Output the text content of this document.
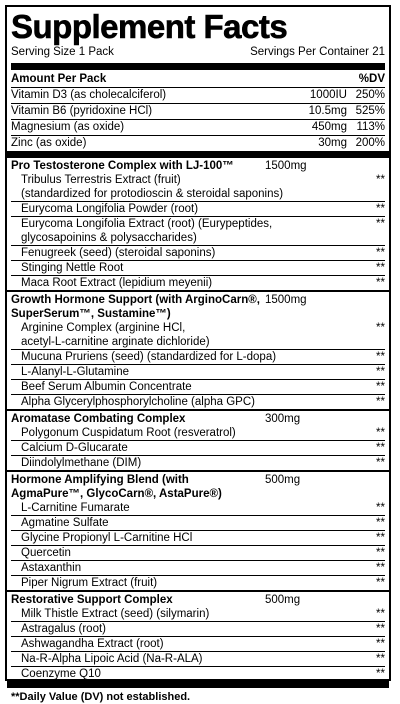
Supplement Facts
Serving Size 1 Pack	Servings Per Container 21
Amount Per Pack	%DV
Vitamin D3 (as cholecalciferol)	1000IU 250%
Vitamin B6 (pyridoxine HCl)	10.5mg 525%
Magnesium (as oxide)	450mg 113%
Zinc (as oxide)	30mg 200%
Pro Testosterone Complex with LJ-100™	1500mg
Tribulus Terrestris Extract (fruit)
(standardized for protodioscin & steroidal saponins)
**
Eurycoma Longifolia Powder (root)	**
Eurycoma Longifolia Extract (root) (Eurypeptides,
glycosapoinins & polysaccharides)
**
Fenugreek (seed) (steroidal saponins)	**
Stinging Nettle Root	**
Maca Root Extract (lepidium meyenii)	**
Growth Hormone Support (with ArginoCarn®,
SuperSerum™, Sustamine™)
1500mg
Arginine Complex (arginine HCl,
acetyl-L-carnitine arginate dichloride)
**
Mucuna Pruriens (seed) (standardized for L-dopa)	**
L-Alanyl-L-Glutamine	**
Beef Serum Albumin Concentrate	**
Alpha Glycerylphosphorylcholine (alpha GPC)	**
Aromatase Combating Complex	300mg
Polygonum Cuspidatum Root (resveratrol)	**
Calcium D-Glucarate	**
Diindolylmethane (DIM)	**
Hormone Amplifying Blend (with
AgmaPure™, GlycoCarn®, AstaPure®)
500mg
L-Carnitine Fumarate	**
Agmatine Sulfate	**
Glycine Propionyl L-Carnitine HCl	**
Quercetin	**
Astaxanthin	**
Piper Nigrum Extract (fruit)	**
Restorative Support Complex	500mg
Milk Thistle Extract (seed) (silymarin)	**
Astragalus (root)	**
Ashwagandha Extract (root)	**
Na-R-Alpha Lipoic Acid (Na-R-ALA)	**
Coenzyme Q10	**
**Daily Value (DV) not established.
